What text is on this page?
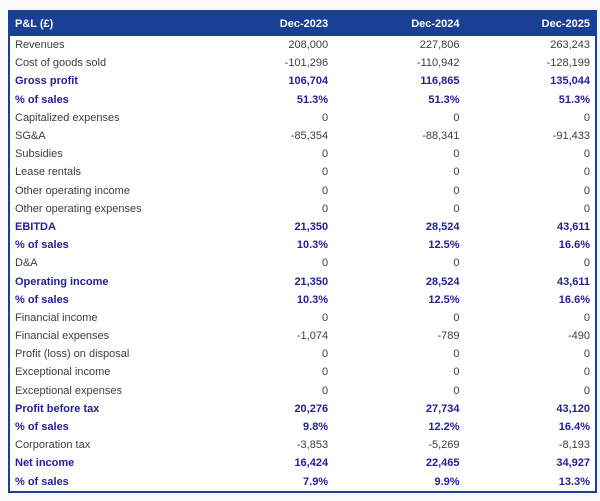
P&L (£)	Dec-2023	Dec-2024	Dec-2025
Revenues	208,000	227,806	263,243
Cost of goods sold	-101,296	-110,942	-128,199
Gross profit	106,704	116,865	135,044
% of sales	51.3%	51.3%	51.3%
Capitalized expenses	0	0	0
SG&A	-85,354	-88,341	-91,433
Subsidies	0	0	0
Lease rentals	0	0	0
Other operating income	0	0	0
Other operating expenses	0	0	0
EBITDA	21,350	28,524	43,611
% of sales	10.3%	12.5%	16.6%
D&A	0	0	0
Operating income	21,350	28,524	43,611
% of sales	10.3%	12.5%	16.6%
Financial income	0	0	0
Financial expenses	-1,074	-789	-490
Profit (loss) on disposal	0	0	0
Exceptional income	0	0	0
Exceptional expenses	0	0	0
Profit before tax	20,276	27,734	43,120
% of sales	9.8%	12.2%	16.4%
Corporation tax	-3,853	-5,269	-8,193
Net income	16,424	22,465	34,927
% of sales	7.9%	9.9%	13.3%
